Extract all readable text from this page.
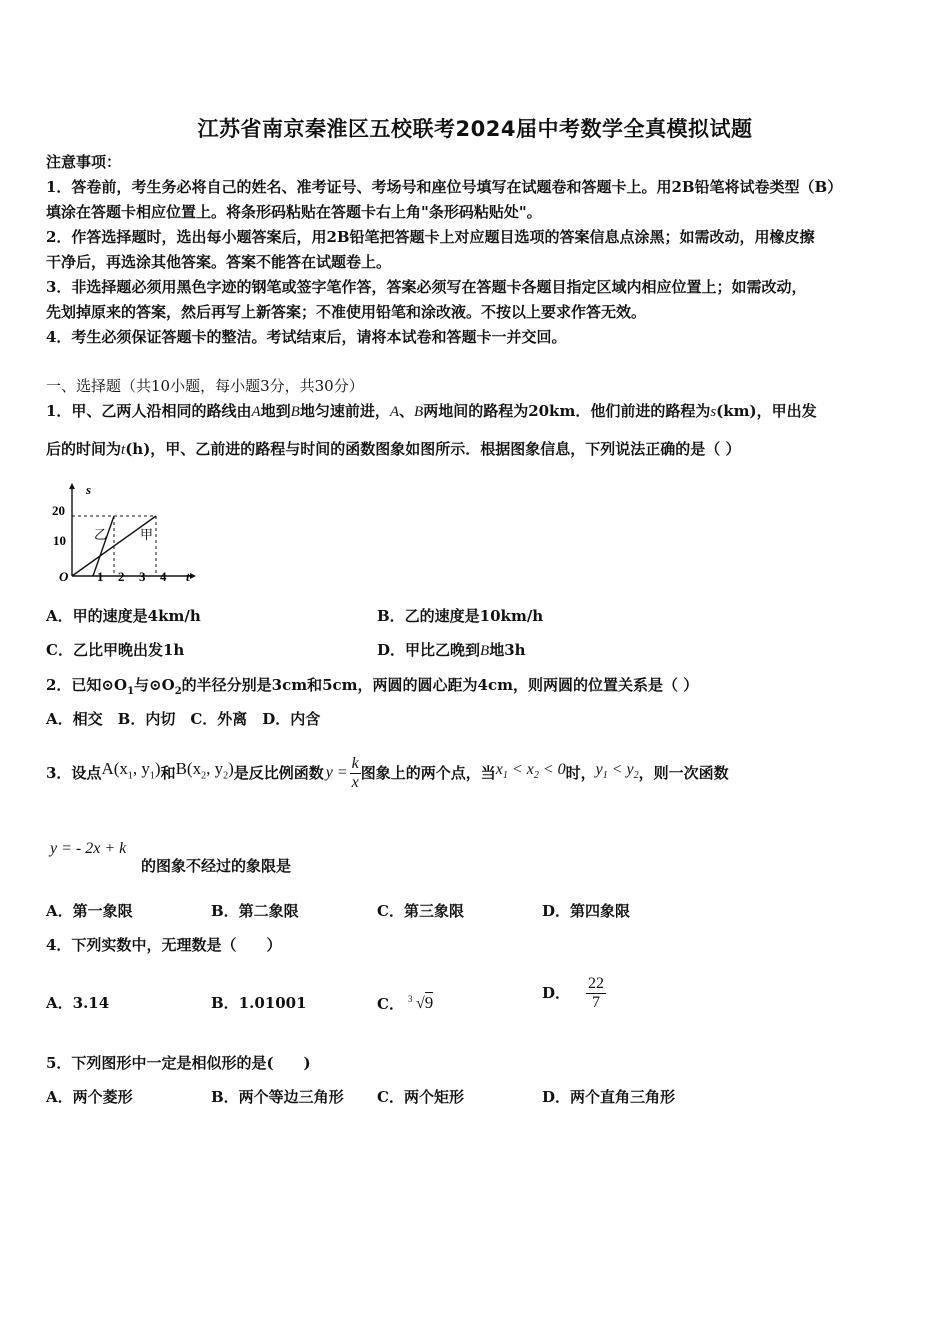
江苏省南京秦淮区五校联考2024届中考数学全真模拟试题
注意事项：
1．答卷前，考生务必将自己的姓名、准考证号、考场号和座位号填写在试题卷和答题卡上。用2B铅笔将试卷类型（B）
填涂在答题卡相应位置上。将条形码粘贴在答题卡右上角"条形码粘贴处"。
2．作答选择题时，选出每小题答案后，用2B铅笔把答题卡上对应题目选项的答案信息点涂黑；如需改动，用橡皮擦
干净后，再选涂其他答案。答案不能答在试题卷上。
3．非选择题必须用黑色字迹的钢笔或签字笔作答，答案必须写在答题卡各题目指定区域内相应位置上；如需改动，
先划掉原来的答案，然后再写上新答案；不准使用铅笔和涂改液。不按以上要求作答无效。
4．考生必须保证答题卡的整洁。考试结束后，请将本试卷和答题卡一并交回。
一、选择题（共10小题，每小题3分，共30分）
1．甲、乙两人沿相同的路线由A地到B地匀速前进，A、B两地间的路程为20km．他们前进的路程为s(km)，甲出发
后的时间为t(h)，甲、乙前进的路程与时间的函数图象如图所示．根据图象信息，下列说法正确的是（ ）
s
t
O
20
10
1 2 3 4
乙	甲
A．甲的速度是4km/h	B．乙的速度是10km/h
C．乙比甲晚出发1h	D．甲比乙晚到B地3h
2．已知$⊙O_1$与$⊙O_2$的半径分别是3cm和5cm，两圆的圆心距为4cm，则两圆的位置关系是（ ）
A．相交　B．内切　C．外离　D．内含
3．设点 $A(x_1$, $y_1$) 和 $B(x_2$, $y_2$) 是反比例函数 $y = \frac{k}{x}$ 图象上的两个点，当 $x_1 < x_2 < 0$ 时， $y_1 < y_2$ ，则一次函数
y = - 2x + k
的图象不经过的象限是
A．第一象限	B．第二象限	C．第三象限	D．第四象限
4．下列实数中，无理数是（　　）
A．3.14	B．1.01001	C． 3 √9	D． $\frac{22}{7}$
5．下列图形中一定是相似形的是(　　)
A．两个菱形	B．两个等边三角形 C．两个矩形	D．两个直角三角形
